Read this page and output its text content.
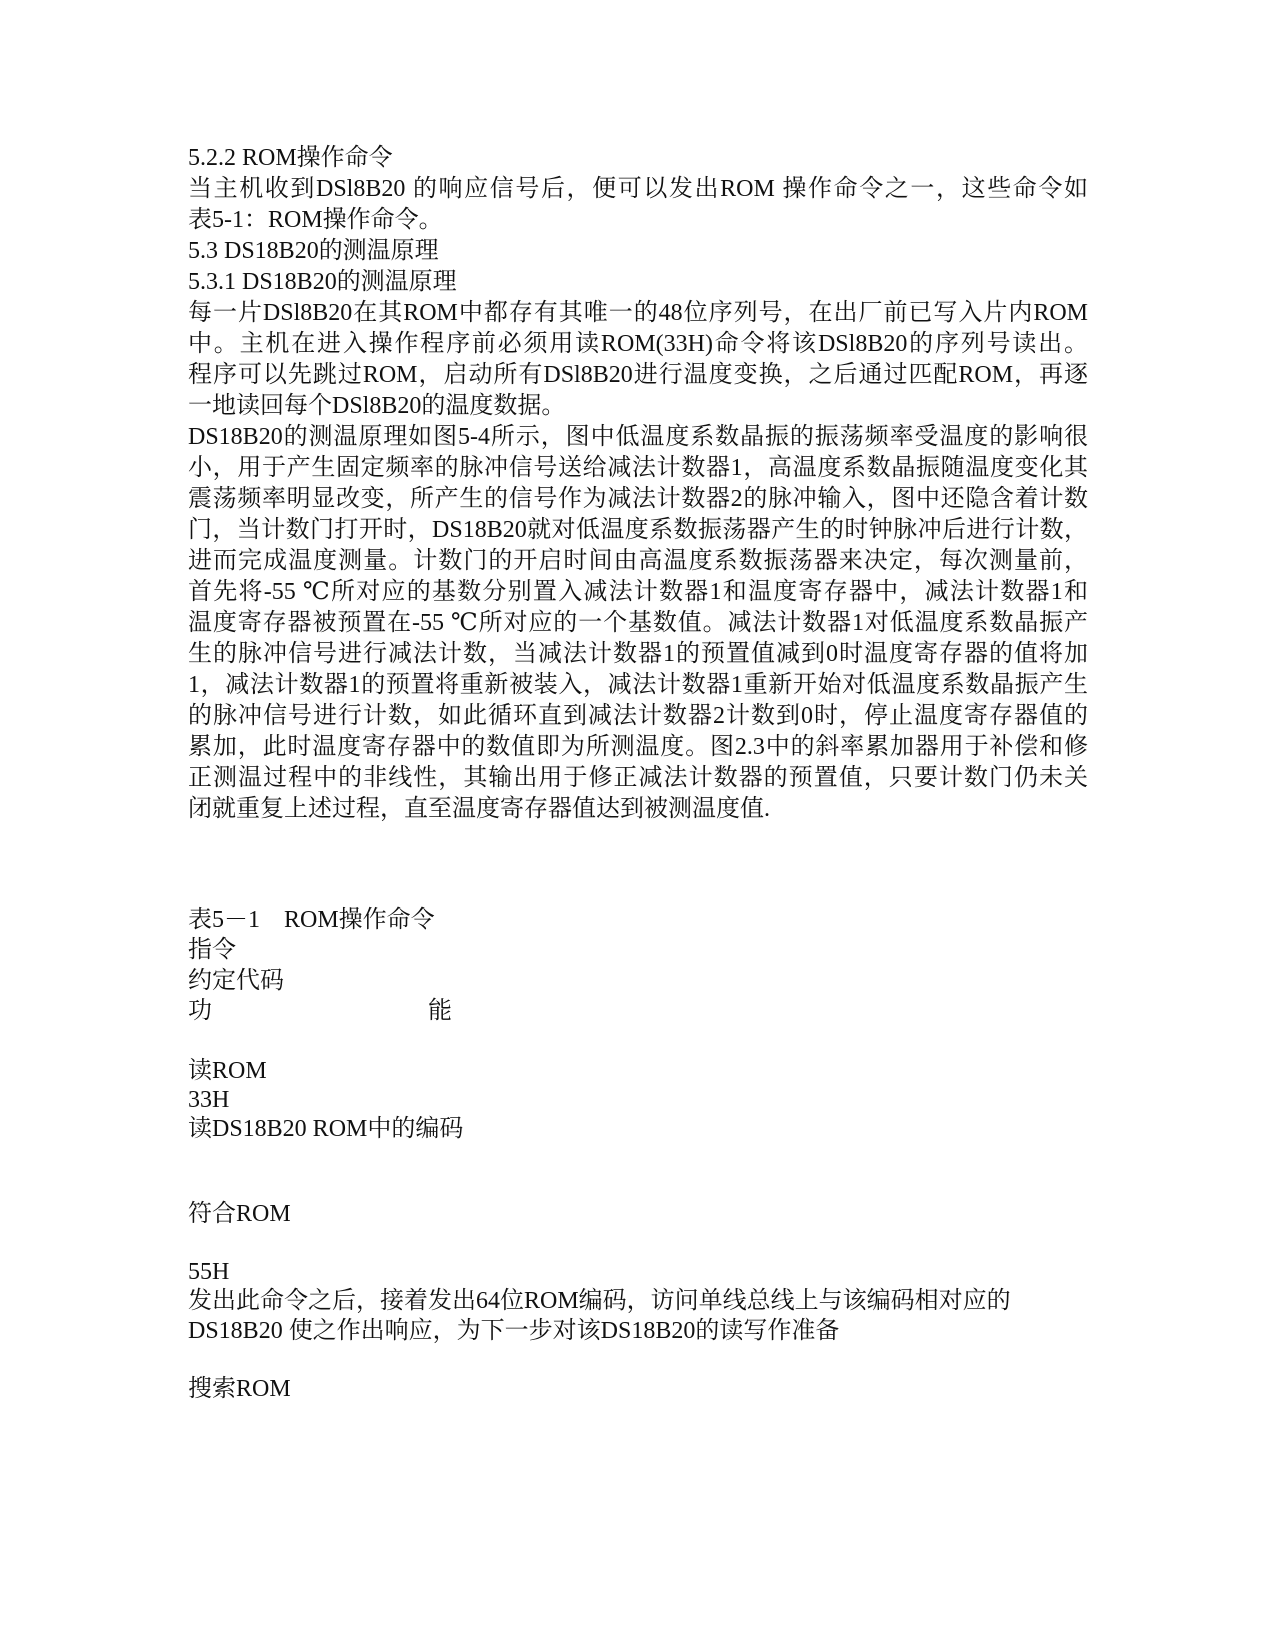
5.2.2 ROM操作命令
当主机收到DSl8B20 的响应信号后，便可以发出ROM 操作命令之一，这些命令如
表5-1：ROM操作命令。
5.3 DS18B20的测温原理
5.3.1 DS18B20的测温原理
每一片DSl8B20在其ROM中都存有其唯一的48位序列号，在出厂前已写入片内ROM
中。主机在进入操作程序前必须用读ROM(33H)命令将该DSl8B20的序列号读出。
程序可以先跳过ROM，启动所有DSl8B20进行温度变换，之后通过匹配ROM，再逐
一地读回每个DSl8B20的温度数据。
DS18B20的测温原理如图5-4所示，图中低温度系数晶振的振荡频率受温度的影响很
小，用于产生固定频率的脉冲信号送给减法计数器1，高温度系数晶振随温度变化其
震荡频率明显改变，所产生的信号作为减法计数器2的脉冲输入，图中还隐含着计数
门，当计数门打开时，DS18B20就对低温度系数振荡器产生的时钟脉冲后进行计数，
进而完成温度测量。计数门的开启时间由高温度系数振荡器来决定，每次测量前，
首先将-55 ℃所对应的基数分别置入减法计数器1和温度寄存器中，减法计数器1和
温度寄存器被预置在-55 ℃所对应的一个基数值。减法计数器1对低温度系数晶振产
生的脉冲信号进行减法计数，当减法计数器1的预置值减到0时温度寄存器的值将加
1，减法计数器1的预置将重新被装入，减法计数器1重新开始对低温度系数晶振产生
的脉冲信号进行计数，如此循环直到减法计数器2计数到0时，停止温度寄存器值的
累加，此时温度寄存器中的数值即为所测温度。图2.3中的斜率累加器用于补偿和修
正测温过程中的非线性，其输出用于修正减法计数器的预置值，只要计数门仍未关
闭就重复上述过程，直至温度寄存器值达到被测温度值.
表5－1　ROM操作命令
指令
约定代码
功	能
读ROM
33H
读DS18B20 ROM中的编码
符合ROM
55H
发出此命令之后，接着发出64位ROM编码，访问单线总线上与该编码相对应的
DS18B20 使之作出响应，为下一步对该DS18B20的读写作准备
搜索ROM
